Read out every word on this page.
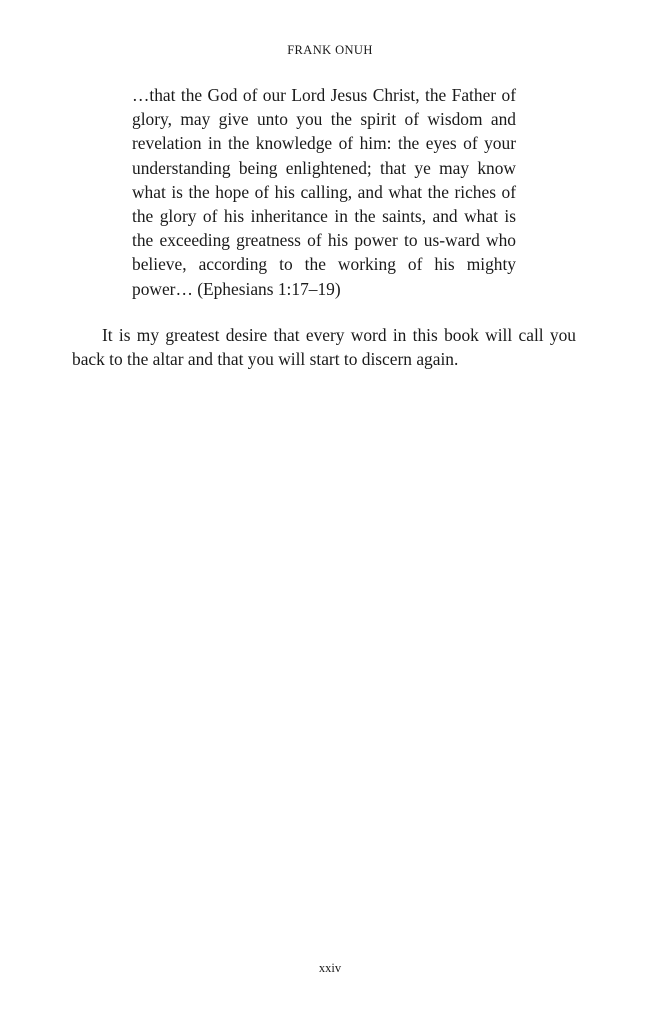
FRANK ONUH
…that the God of our Lord Jesus Christ, the Father of glory, may give unto you the spirit of wisdom and revelation in the knowledge of him: the eyes of your understanding being enlightened; that ye may know what is the hope of his calling, and what the riches of the glory of his inheritance in the saints, and what is the exceeding greatness of his power to us-ward who believe, according to the working of his mighty power… (Ephesians 1:17–19)

It is my greatest desire that every word in this book will call you back to the altar and that you will start to discern again.

xxiv
